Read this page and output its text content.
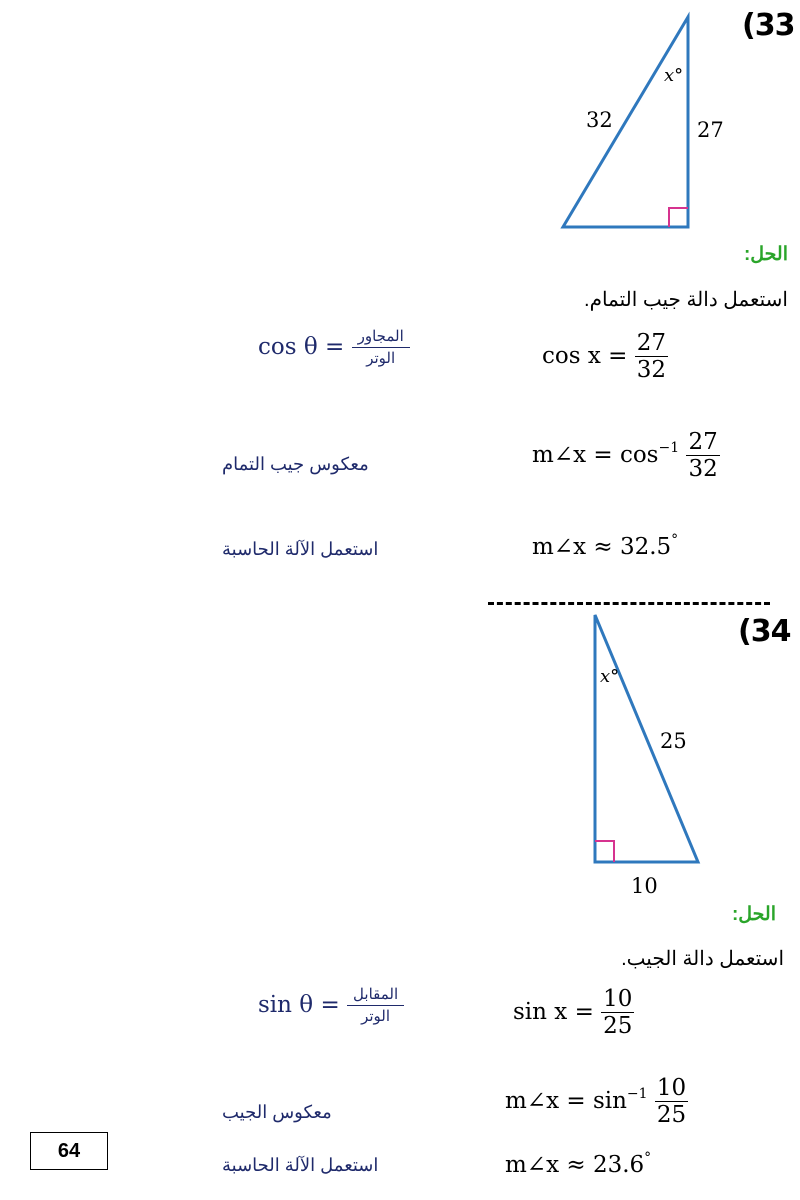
(33
32	27
x°
الحل:
استعمل دالة جيب التمام.
$\cos \theta = \frac{\text{المجاور}}{\text{الوتر}}$	$\cos x = \frac{27}{32}$
معكوس جيب التمام	m∠x = $\cos^{-1} \frac{27}{32}$
استعمل الآلة الحاسبة	m∠x ≈ 32.5°
(34
25
10
x°
الحل:
استعمل دالة الجيب.
$\sin \theta = \frac{\text{المقابل}}{\text{الوتر}}$	$\sin x = \frac{10}{25}$
معكوس الجيب	m∠x = $\sin^{-1} \frac{10}{25}$
64
استعمل الآلة الحاسبة	m∠x ≈ 23.6°
